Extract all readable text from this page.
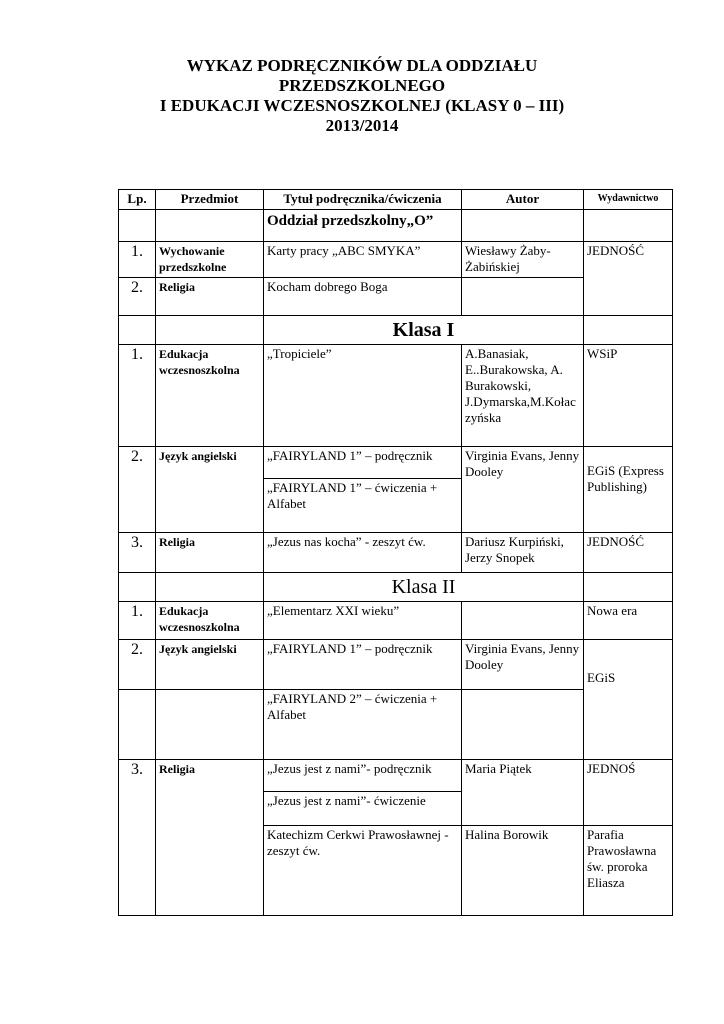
WYKAZ PODRĘCZNIKÓW DLA ODDZIAŁU
PRZEDSZKOLNEGO
I EDUKACJI WCZESNOSZKOLNEJ (KLASY 0 – III)
2013/2014
Lp.	Przedmiot	Tytuł podręcznika/ćwiczenia	Autor	Wydawnictwo
		Oddział przedszkolny„O”		
1.	Wychowanie przedszkolne	Karty pracy „ABC SMYKA”	Wiesławy Żaby-Żabińskiej	JEDNOŚĆ
2.	Religia	Kocham dobrego Boga		
		Klasa I		
1.	Edukacja wczesnoszkolna	„Tropiciele”	A.Banasiak, E..Burakowska, A. Burakowski, J.Dymarska,M.Kołaczyńska	WSiP
2.	Język angielski	„FAIRYLAND 1” – podręcznik	Virginia Evans, Jenny Dooley	EGiS (Express Publishing)
		„FAIRYLAND 1” – ćwiczenia + Alfabet		
3.	Religia	„Jezus nas kocha” - zeszyt ćw.	Dariusz Kurpiński, Jerzy Snopek	JEDNOŚĆ
		Klasa II		
1.	Edukacja wczesnoszkolna	„Elementarz XXI wieku”		Nowa era
2.	Język angielski	„FAIRYLAND 1” – podręcznik	Virginia Evans, Jenny Dooley	EGiS
		„FAIRYLAND 2” – ćwiczenia + Alfabet		
3.	Religia	„Jezus jest z nami”- podręcznik	Maria Piątek	JEDNOŚ
		„Jezus jest z nami”- ćwiczenie		
		Katechizm Cerkwi Prawosławnej - zeszyt ćw.	Halina Borowik	Parafia Prawosławna św. proroka Eliasza
